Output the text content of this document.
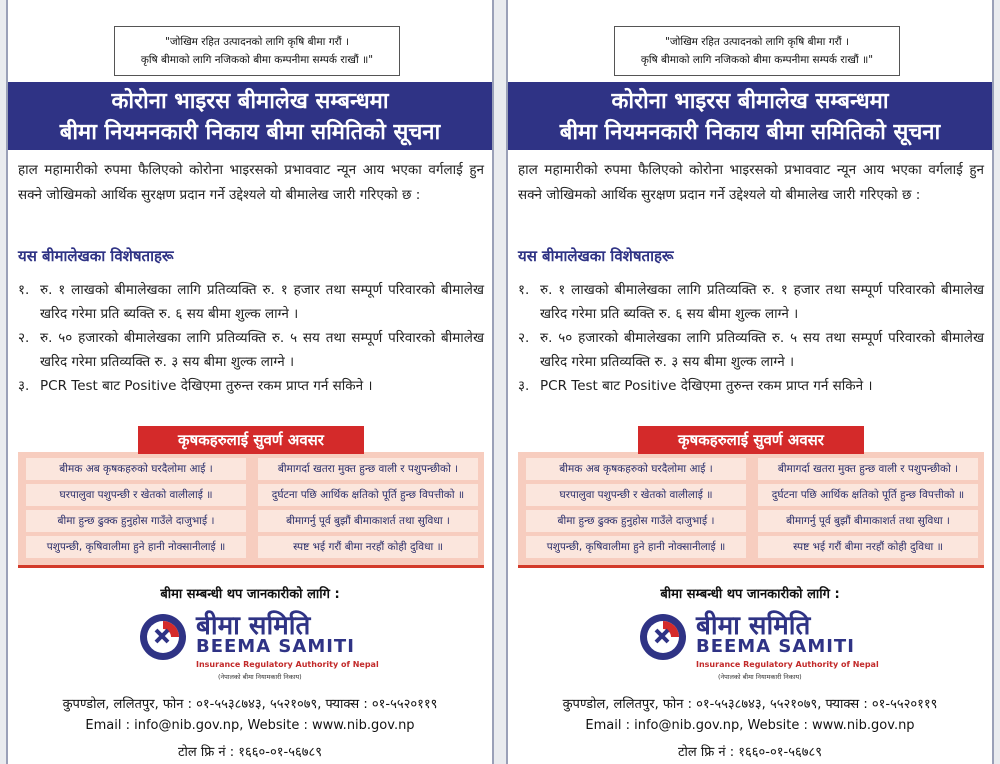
"जोखिम रहित उत्पादनको लागि कृषि बीमा गरौं ।
कृषि बीमाको लागि नजिकको बीमा कम्पनीमा सम्पर्क राखौं ॥"
कोरोना भाइरस बीमालेख सम्बन्धमा
बीमा नियमनकारी निकाय बीमा समितिको सूचना
हाल महामारीको रुपमा फैलिएको कोरोना भाइरसको प्रभाववाट न्यून आय भएका वर्गलाई हुन सक्ने जोखिमको आर्थिक सुरक्षण प्रदान गर्ने उद्देश्यले यो बीमालेख जारी गरिएको छ :
यस बीमालेखका विशेषताहरू
१. रु. १ लाखको बीमालेखका लागि प्रतिव्यक्ति रु. १ हजार तथा सम्पूर्ण परिवारको बीमालेख खरिद गरेमा प्रति ब्यक्ति रु. ६ सय बीमा शुल्क लाग्ने ।
२. रु. ५० हजारको बीमालेखका लागि प्रतिव्यक्ति रु. ५ सय तथा सम्पूर्ण परिवारको बीमालेख खरिद गरेमा प्रतिव्यक्ति रु. ३ सय बीमा शुल्क लाग्ने ।
३. PCR Test बाट Positive देखिएमा तुरुन्त रकम प्राप्त गर्न सकिने ।
बीमक अब कृषकहरुको घरदैलोमा आई ।
घरपालुवा पशुपन्छी र खेतको वालीलाई ॥
बीमा हुन्छ ढुक्क हुनुहोस गाउँले दाजुभाई ।
पशुपन्छी, कृषिवालीमा हुने हानी नोक्सानीलाई ॥
बीमागर्दा खतरा मुक्त हुन्छ वाली र पशुपन्छीको ।
दुर्घटना पछि आर्थिक क्षतिको पूर्ति हुन्छ विपत्तीको ॥
बीमागर्नु पूर्व बुझौं बीमाकाशर्त तथा सुविधा ।
स्पष्ट भई गरौं बीमा नरहौं कोही दुविधा ॥
कृषकहरुलाई सुवर्ण अवसर
बीमा सम्बन्धी थप जानकारीको लागि :
बीमा समिति
BEEMA SAMITI
Insurance Regulatory Authority of Nepal
(नेपालको बीमा नियामकारी निकाय)
कुपण्डोल, ललितपुर, फोन : ०१-५५३८७४३, ५५२१०७९, फ्याक्स : ०१-५५२०११९
Email : info@nib.gov.np, Website : www.nib.gov.np
टोल फ्रि नं : १६६०-०१-५६७८९
"जोखिम रहित उत्पादनको लागि कृषि बीमा गरौं ।
कृषि बीमाको लागि नजिकको बीमा कम्पनीमा सम्पर्क राखौं ॥"
कोरोना भाइरस बीमालेख सम्बन्धमा
बीमा नियमनकारी निकाय बीमा समितिको सूचना
हाल महामारीको रुपमा फैलिएको कोरोना भाइरसको प्रभाववाट न्यून आय भएका वर्गलाई हुन सक्ने जोखिमको आर्थिक सुरक्षण प्रदान गर्ने उद्देश्यले यो बीमालेख जारी गरिएको छ :
यस बीमालेखका विशेषताहरू
१. रु. १ लाखको बीमालेखका लागि प्रतिव्यक्ति रु. १ हजार तथा सम्पूर्ण परिवारको बीमालेख खरिद गरेमा प्रति ब्यक्ति रु. ६ सय बीमा शुल्क लाग्ने ।
२. रु. ५० हजारको बीमालेखका लागि प्रतिव्यक्ति रु. ५ सय तथा सम्पूर्ण परिवारको बीमालेख खरिद गरेमा प्रतिव्यक्ति रु. ३ सय बीमा शुल्क लाग्ने ।
३. PCR Test बाट Positive देखिएमा तुरुन्त रकम प्राप्त गर्न सकिने ।
बीमक अब कृषकहरुको घरदैलोमा आई ।
घरपालुवा पशुपन्छी र खेतको वालीलाई ॥
बीमा हुन्छ ढुक्क हुनुहोस गाउँले दाजुभाई ।
पशुपन्छी, कृषिवालीमा हुने हानी नोक्सानीलाई ॥
बीमागर्दा खतरा मुक्त हुन्छ वाली र पशुपन्छीको ।
दुर्घटना पछि आर्थिक क्षतिको पूर्ति हुन्छ विपत्तीको ॥
बीमागर्नु पूर्व बुझौं बीमाकाशर्त तथा सुविधा ।
स्पष्ट भई गरौं बीमा नरहौं कोही दुविधा ॥
कृषकहरुलाई सुवर्ण अवसर
बीमा सम्बन्धी थप जानकारीको लागि :
बीमा समिति
BEEMA SAMITI
Insurance Regulatory Authority of Nepal
(नेपालको बीमा नियामकारी निकाय)
कुपण्डोल, ललितपुर, फोन : ०१-५५३८७४३, ५५२१०७९, फ्याक्स : ०१-५५२०११९
Email : info@nib.gov.np, Website : www.nib.gov.np
टोल फ्रि नं : १६६०-०१-५६७८९
